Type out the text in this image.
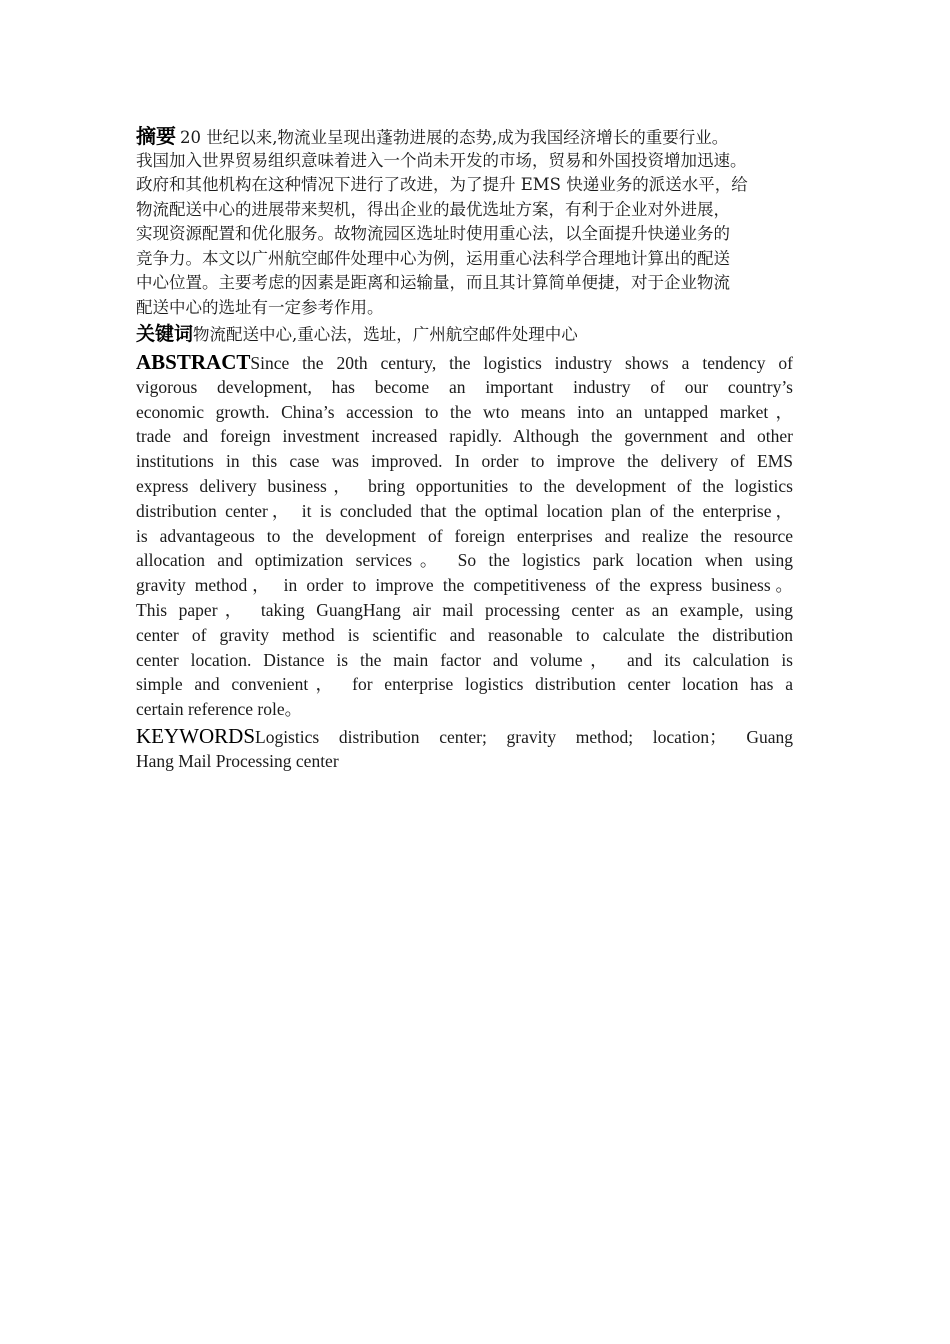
摘要 20 世纪以来,物流业呈现出蓬勃进展的态势,成为我国经济增长的重要行业。
我国加入世界贸易组织意味着进入一个尚未开发的市场，贸易和外国投资增加迅速。
政府和其他机构在这种情况下进行了改进，为了提升 EMS 快递业务的派送水平，给
物流配送中心的进展带来契机，得出企业的最优选址方案，有利于企业对外进展，
实现资源配置和优化服务。故物流园区选址时使用重心法，以全面提升快递业务的
竞争力。本文以广州航空邮件处理中心为例，运用重心法科学合理地计算出的配送
中心位置。主要考虑的因素是距离和运输量，而且其计算简单便捷，对于企业物流
配送中心的选址有一定参考作用。
关键词物流配送中心,重心法，选址，广州航空邮件处理中心
ABSTRACTSince the 20th century, the logistics industry shows a tendency of
vigorous development, has become an important industry of our country’s
economic growth. China’s accession to the wto means into an untapped market，
trade and foreign investment increased rapidly. Although the government and other
institutions in this case was improved. In order to improve the delivery of EMS
express delivery business， bring opportunities to the development of the logistics
distribution center， it is concluded that the optimal location plan of the enterprise，
is advantageous to the development of foreign enterprises and realize the resource
allocation and optimization services。 So the logistics park location when using
gravity method， in order to improve the competitiveness of the express business。
This paper， taking GuangHang air mail processing center as an example, using
center of gravity method is scientific and reasonable to calculate the distribution
center location. Distance is the main factor and volume， and its calculation is
simple and convenient， for enterprise logistics distribution center location has a
certain reference role。
KEYWORDSLogistics distribution center; gravity method; location； Guang
Hang Mail Processing center
